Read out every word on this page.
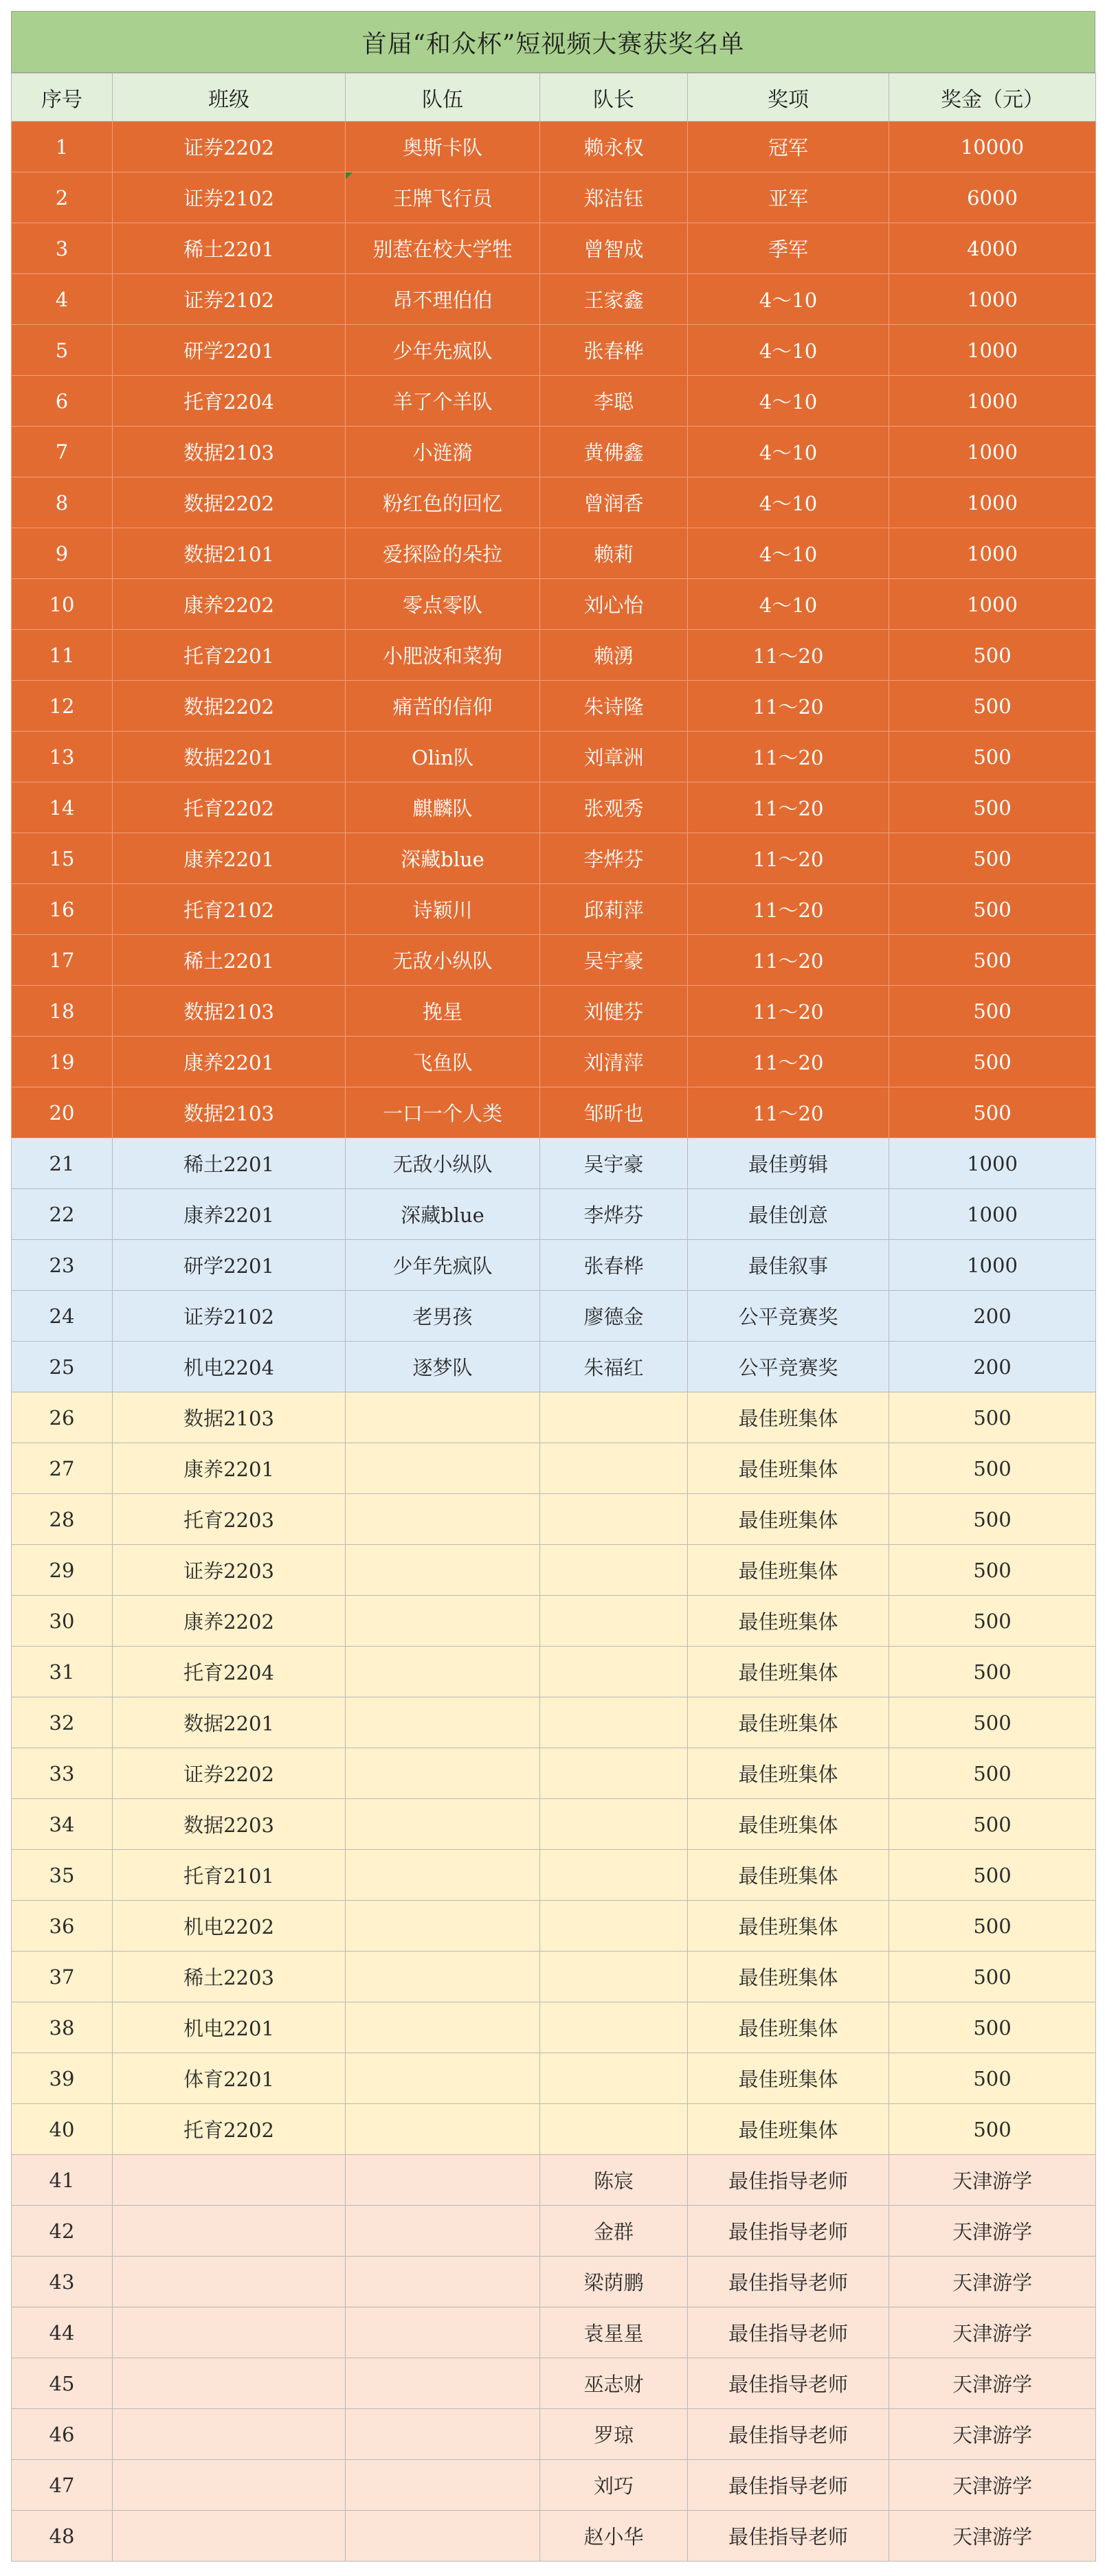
首届“和众杯”短视频大赛获奖名单
序号	班级	队伍	队长	奖项	奖金（元）
1	证券2202	奥斯卡队	赖永权	冠军	10000
2	证券2102	王牌飞行员	郑洁钰	亚军	6000
3	稀土2201	别惹在校大学牲	曾智成	季军	4000
4	证券2102	昂不理伯伯	王家鑫	4～10	1000
5	研学2201	少年先疯队	张春桦	4～10	1000
6	托育2204	羊了个羊队	李聪	4～10	1000
7	数据2103	小涟漪	黄佛鑫	4～10	1000
8	数据2202	粉红色的回忆	曾润香	4～10	1000
9	数据2101	爱探险的朵拉	赖莉	4～10	1000
10	康养2202	零点零队	刘心怡	4～10	1000
11	托育2201	小肥波和菜狗	赖湧	11～20	500
12	数据2202	痛苦的信仰	朱诗隆	11～20	500
13	数据2201	Olin队	刘章洲	11～20	500
14	托育2202	麒麟队	张观秀	11～20	500
15	康养2201	深藏blue	李烨芬	11～20	500
16	托育2102	诗颖川	邱莉萍	11～20	500
17	稀土2201	无敌小纵队	吴宇豪	11～20	500
18	数据2103	挽星	刘健芬	11～20	500
19	康养2201	飞鱼队	刘清萍	11～20	500
20	数据2103	一口一个人类	邹昕也	11～20	500
21	稀土2201	无敌小纵队	吴宇豪	最佳剪辑	1000
22	康养2201	深藏blue	李烨芬	最佳创意	1000
23	研学2201	少年先疯队	张春桦	最佳叙事	1000
24	证券2102	老男孩	廖德金	公平竞赛奖	200
25	机电2204	逐梦队	朱福红	公平竞赛奖	200
26	数据2103			最佳班集体	500
27	康养2201			最佳班集体	500
28	托育2203			最佳班集体	500
29	证券2203			最佳班集体	500
30	康养2202			最佳班集体	500
31	托育2204			最佳班集体	500
32	数据2201			最佳班集体	500
33	证券2202			最佳班集体	500
34	数据2203			最佳班集体	500
35	托育2101			最佳班集体	500
36	机电2202			最佳班集体	500
37	稀土2203			最佳班集体	500
38	机电2201			最佳班集体	500
39	体育2201			最佳班集体	500
40	托育2202			最佳班集体	500
41			陈宸	最佳指导老师	天津游学
42			金群	最佳指导老师	天津游学
43			梁荫鹏	最佳指导老师	天津游学
44			袁星星	最佳指导老师	天津游学
45			巫志财	最佳指导老师	天津游学
46			罗琼	最佳指导老师	天津游学
47			刘巧	最佳指导老师	天津游学
48			赵小华	最佳指导老师	天津游学
